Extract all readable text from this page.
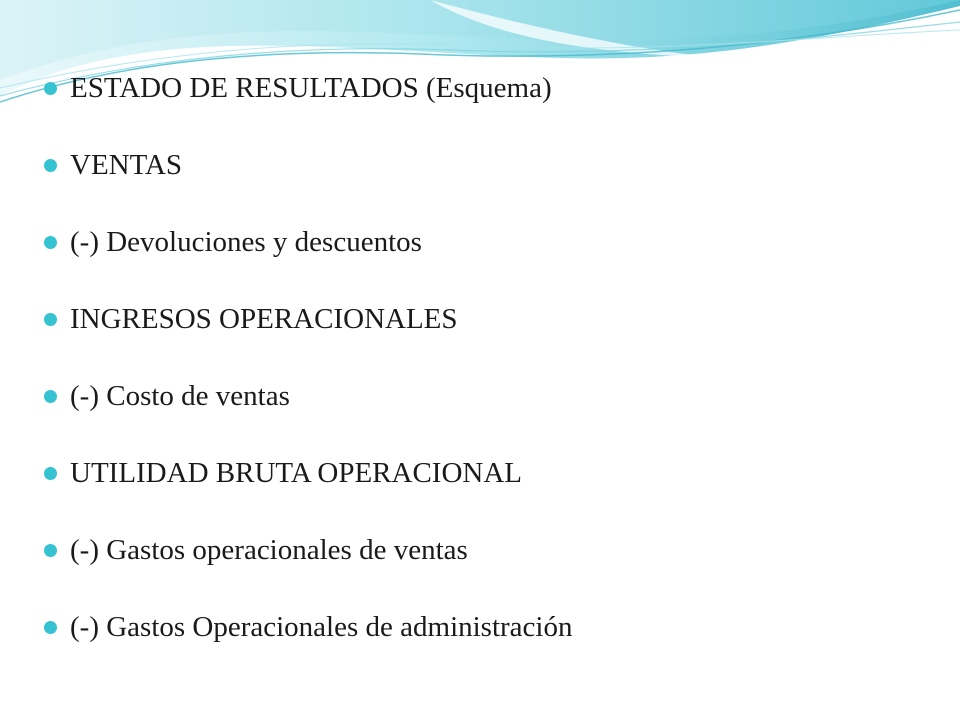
ESTADO DE RESULTADOS (Esquema)
VENTAS
(-) Devoluciones y descuentos
INGRESOS OPERACIONALES
(-) Costo de ventas
UTILIDAD BRUTA OPERACIONAL
(-) Gastos operacionales de ventas
(-) Gastos Operacionales de administración
